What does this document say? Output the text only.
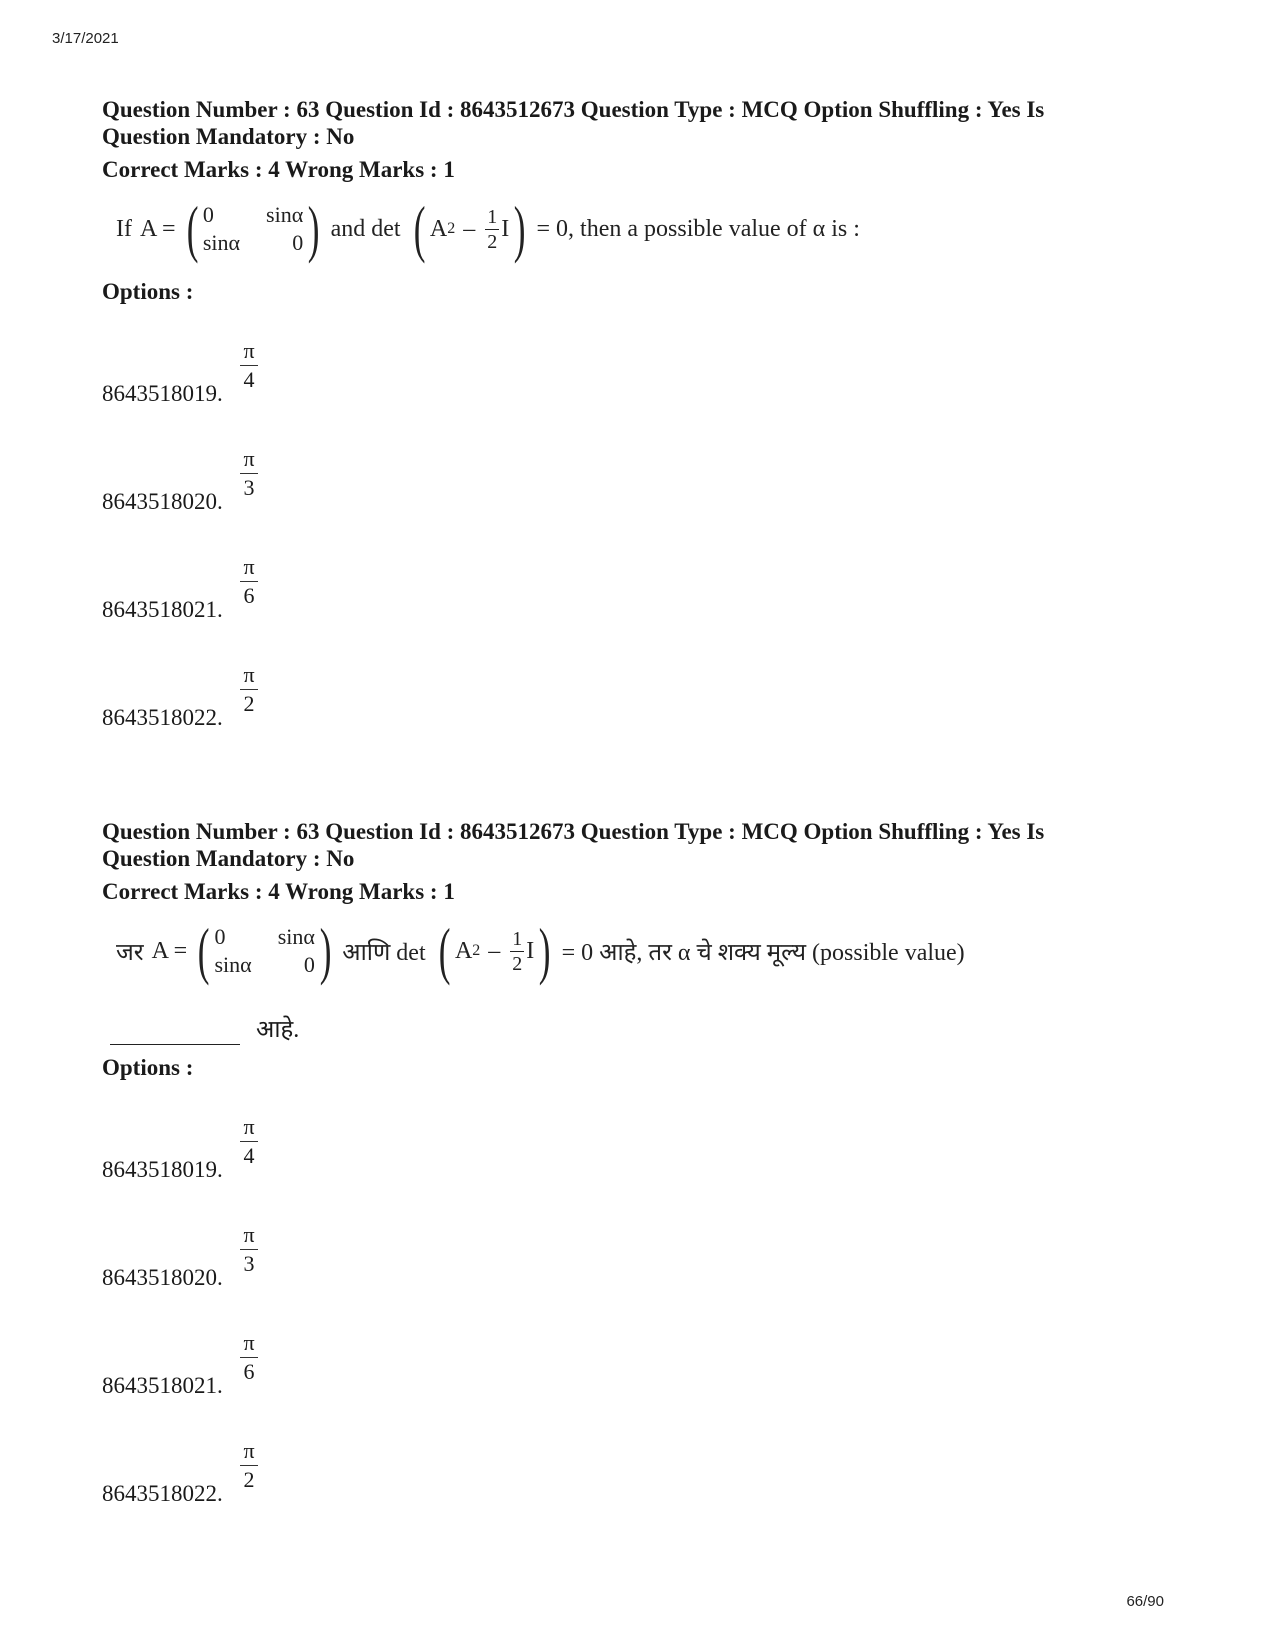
3/17/2021
Question Number : 63 Question Id : 8643512673 Question Type : MCQ Option Shuffling : Yes Is
Question Mandatory : No
Correct Marks : 4 Wrong Marks : 1
If A = ( 0	sinα
sinα	0 ) and det ( A $2 - \frac{1}{2}$ I ) = 0, then a possible value of α is :
Options :
8643518019.
π
4
8643518020.
π
3
8643518021.
π
6
8643518022.
π
2
Question Number : 63 Question Id : 8643512673 Question Type : MCQ Option Shuffling : Yes Is
Question Mandatory : No
Correct Marks : 4 Wrong Marks : 1
जर A = ( 0	sinα
sinα	0 ) आणि det ( A $2 - \frac{1}{2}$ I ) = 0 आहे, तर α चे शक्य मूल्य (possible value)
आहे.
Options :
8643518019.
π
4
8643518020.
π
3
8643518021.
π
6
8643518022.
π
2
66/90
